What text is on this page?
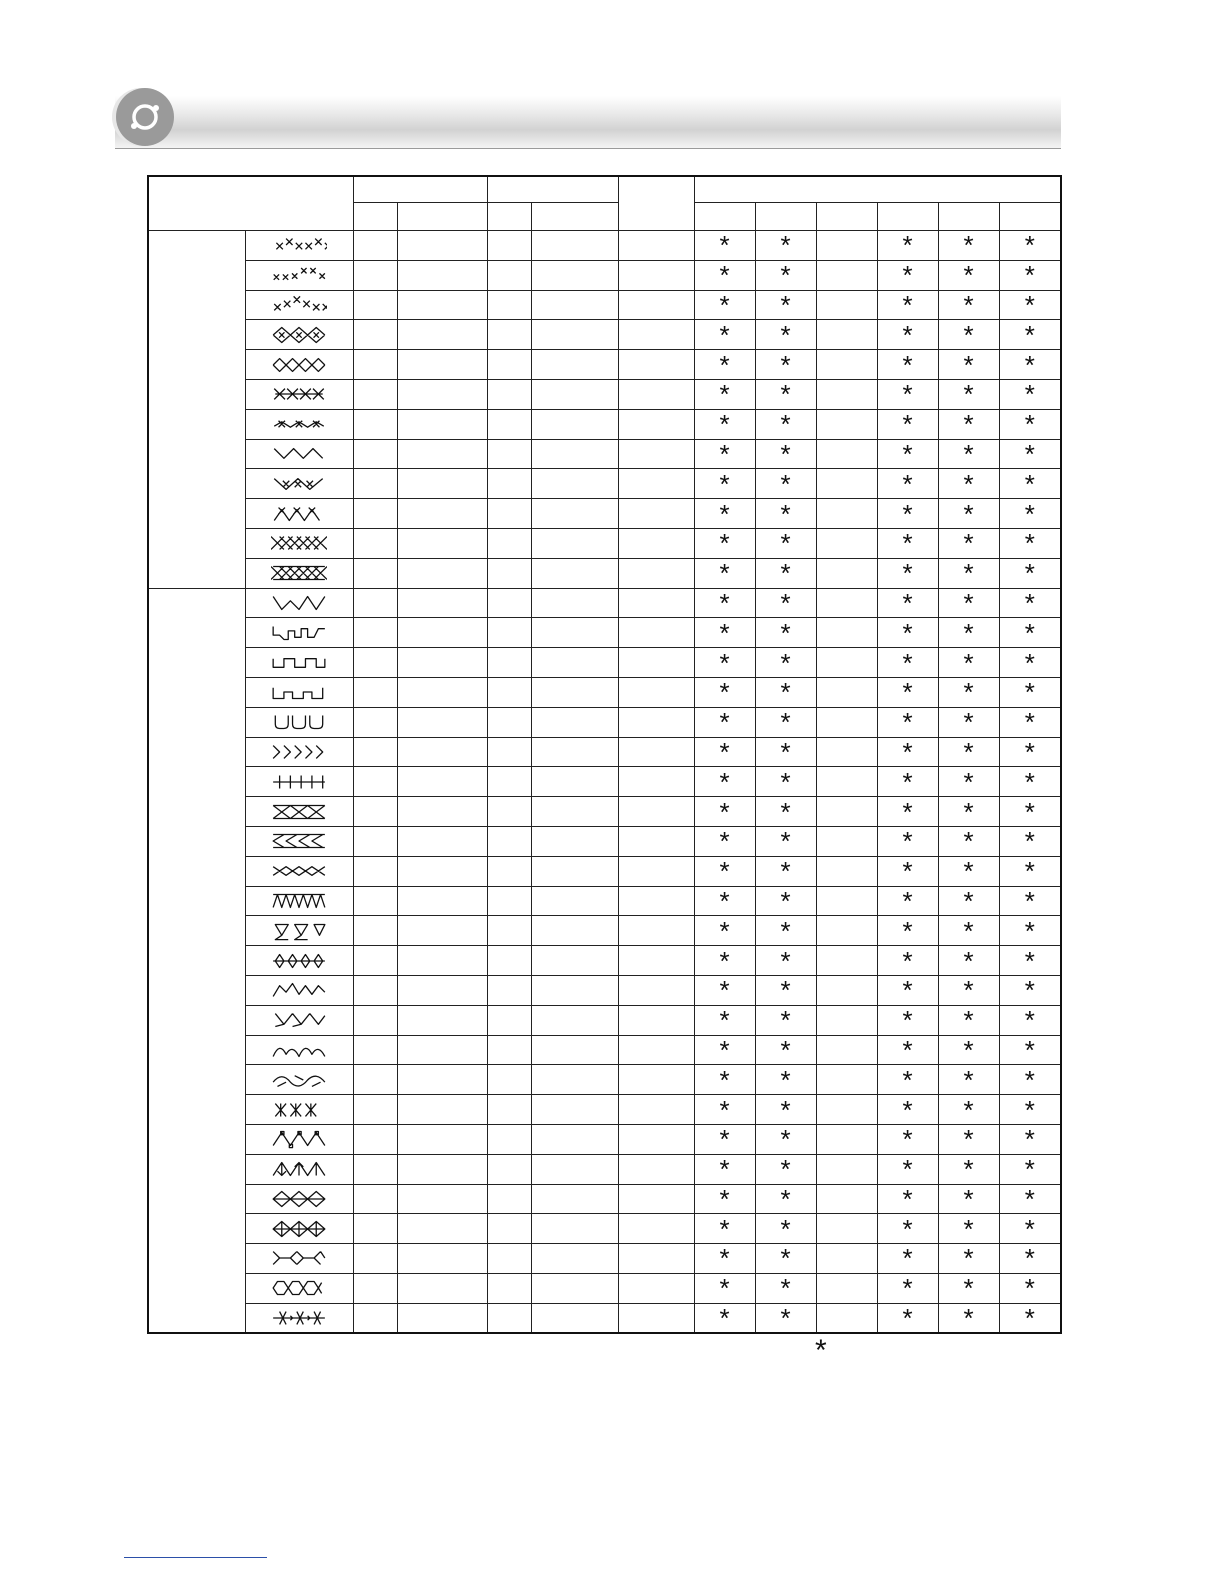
						*	*		*	*	*

						*	*		*	*	*

						*	*		*	*	*

						*	*		*	*	*

						*	*		*	*	*

						*	*		*	*	*

						*	*		*	*	*

						*	*		*	*	*

						*	*		*	*	*

						*	*		*	*	*

						*	*		*	*	*

						*	*		*	*	*

						*	*		*	*	*

						*	*		*	*	*

						*	*		*	*	*

						*	*		*	*	*

						*	*		*	*	*

						*	*		*	*	*

						*	*		*	*	*

						*	*		*	*	*

						*	*		*	*	*

						*	*		*	*	*

						*	*		*	*	*

						*	*		*	*	*

						*	*		*	*	*

						*	*		*	*	*

						*	*		*	*	*

						*	*		*	*	*

						*	*		*	*	*

						*	*		*	*	*

						*	*		*	*	*

						*	*		*	*	*

						*	*		*	*	*

						*	*		*	*	*

						*	*		*	*	*

						*	*		*	*	*

						*	*		*	*	*
*
